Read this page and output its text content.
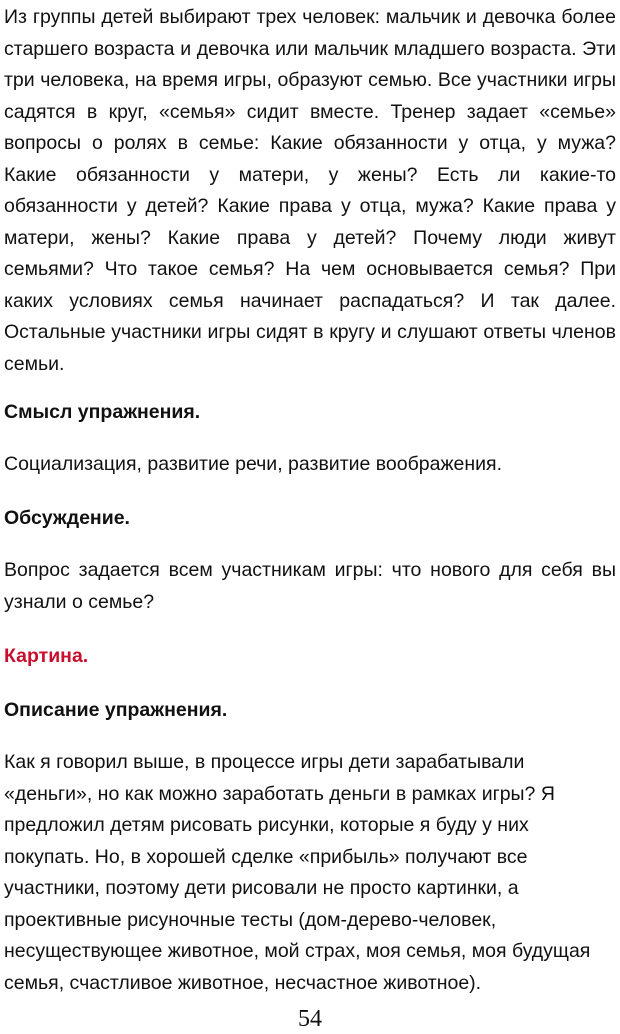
Из группы детей выбирают трех человек: мальчик и девочка более старшего возраста и девочка или мальчик младшего возраста. Эти три человека, на время игры, образуют семью. Все участники игры садятся в круг, «семья» сидит вместе. Тренер задает «семье» вопросы о ролях в семье: Какие обязанности у отца, у мужа? Какие обязанности у матери, у жены? Есть ли какие-то обязанности у детей? Какие права у отца, мужа? Какие права у матери, жены? Какие права у детей? Почему люди живут семьями? Что такое семья? На чем основывается семья? При каких условиях семья начинает распадаться? И так далее. Остальные участники игры сидят в кругу и слушают ответы членов семьи.

Смысл упражнения.

Социализация, развитие речи, развитие воображения.

Обсуждение.

Вопрос задается всем участникам игры: что нового для себя вы узнали о семье?

Картина.

Описание упражнения.

Как я говорил выше, в процессе игры дети зарабатывали «деньги», но как можно заработать деньги в рамках игры? Я предложил детям рисовать рисунки, которые я буду у них покупать. Но, в хорошей сделке «прибыль» получают все участники, поэтому дети рисовали не просто картинки, а проективные рисуночные тесты (дом-дерево-человек, несуществующее животное, мой страх, моя семья, моя будущая семья, счастливое животное, несчастное животное).

54
